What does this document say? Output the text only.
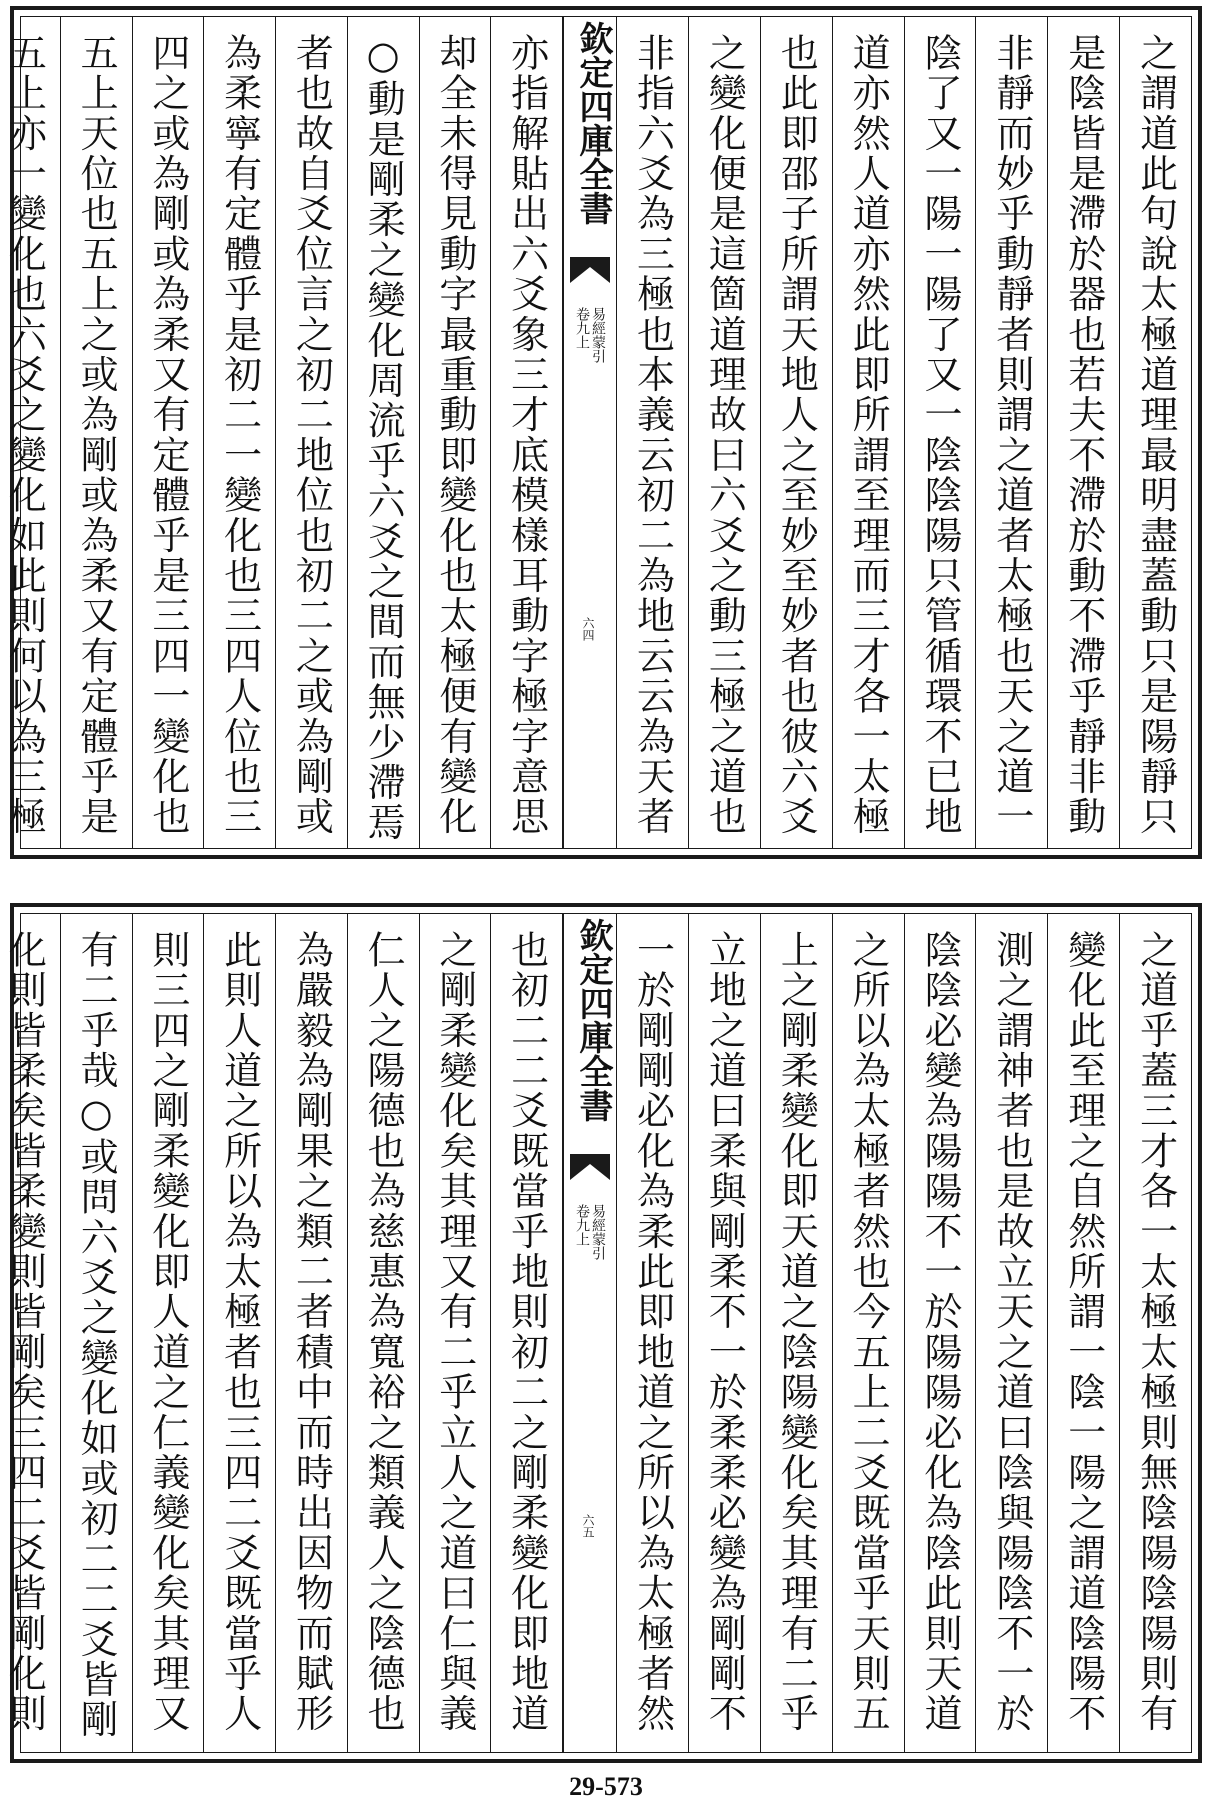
之謂道此句說太極道理最明盡蓋動只是陽靜只
是陰皆是滯於器也若夫不滯於動不滯乎靜非動
非靜而妙乎動靜者則謂之道者太極也天之道一
陰了又一陽一陽了又一陰陰陽只管循環不已地
道亦然人道亦然此即所謂至理而三才各一太極
也此即邵子所謂天地人之至妙至妙者也彼六爻
之變化便是這箇道理故曰六爻之動三極之道也
非指六爻為三極也本義云初二為地云云為天者
欽定四庫全書
易經蒙引
卷九上
六四
亦指解貼出六爻象三才底模樣耳動字極字意思
却全未得見動字最重動即變化也太極便有變化
○動是剛柔之變化周流乎六爻之間而無少滯焉
者也故自爻位言之初二地位也初二之或為剛或
為柔寧有定體乎是初二一變化也三四人位也三
四之或為剛或為柔又有定體乎是三四一變化也
五上天位也五上之或為剛或為柔又有定體乎是
五上亦一變化也六爻之變化如此則何以為三極
之道乎蓋三才各一太極太極則無陰陽陰陽則有
變化此至理之自然所謂一陰一陽之謂道陰陽不
測之謂神者也是故立天之道曰陰與陽陰不一於
陰陰必變為陽陽不一於陽陽必化為陰此則天道
之所以為太極者然也今五上二爻既當乎天則五
上之剛柔變化即天道之陰陽變化矣其理有二乎
立地之道曰柔與剛柔不一於柔柔必變為剛剛不
一於剛剛必化為柔此即地道之所以為太極者然
欽定四庫全書
易經蒙引
卷九上
六五
也初二二爻既當乎地則初二之剛柔變化即地道
之剛柔變化矣其理又有二乎立人之道曰仁與義
仁人之陽德也為慈惠為寬裕之類義人之陰德也
為嚴毅為剛果之類二者積中而時出因物而賦形
此則人道之所以為太極者也三四二爻既當乎人
則三四之剛柔變化即人道之仁義變化矣其理又
有二乎哉○或問六爻之變化如或初二二爻皆剛
化則皆柔矣皆柔變則皆剛矣三四二爻皆剛化則
29-573
